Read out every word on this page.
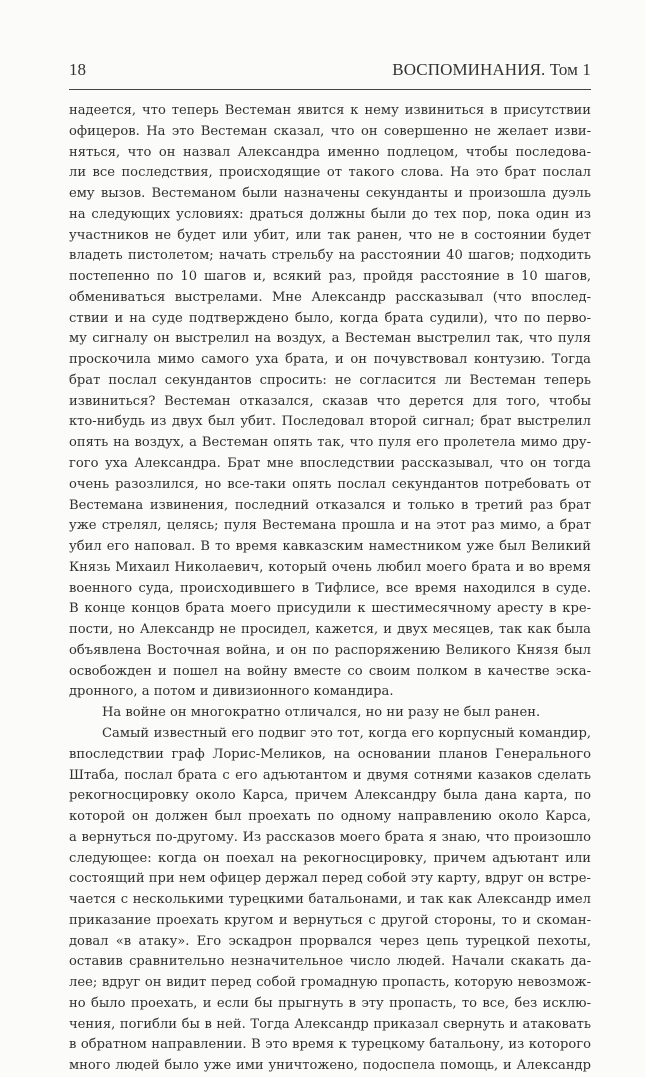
18	ВОСПОМИНАНИЯ. Том 1
надеется, что теперь Вестеман явится к нему извиниться в присутствии
офицеров. На это Вестеман сказал, что он совершенно не желает изви-
няться, что он назвал Александра именно подлецом, чтобы последова-
ли все последствия, происходящие от такого слова. На это брат послал
ему вызов. Вестеманом были назначены секунданты и произошла дуэль
на следующих условиях: драться должны были до тех пор, пока один из
участников не будет или убит, или так ранен, что не в состоянии будет
владеть пистолетом; начать стрельбу на расстоянии 40 шагов; подходить
постепенно по 10 шагов и, всякий раз, пройдя расстояние в 10 шагов,
обмениваться выстрелами. Мне Александр рассказывал (что впослед-
ствии и на суде подтверждено было, когда брата судили), что по перво-
му сигналу он выстрелил на воздух, а Вестеман выстрелил так, что пуля
проскочила мимо самого уха брата, и он почувствовал контузию. Тогда
брат послал секундантов спросить: не согласится ли Вестеман теперь
извиниться? Вестеман отказался, сказав что дерется для того, чтобы
кто-нибудь из двух был убит. Последовал второй сигнал; брат выстрелил
опять на воздух, а Вестеман опять так, что пуля его пролетела мимо дру-
гого уха Александра. Брат мне впоследствии рассказывал, что он тогда
очень разозлился, но все-таки опять послал секундантов потребовать от
Вестемана извинения, последний отказался и только в третий раз брат
уже стрелял, целясь; пуля Вестемана прошла и на этот раз мимо, а брат
убил его наповал. В то время кавказским наместником уже был Великий
Князь Михаил Николаевич, который очень любил моего брата и во время
военного суда, происходившего в Тифлисе, все время находился в суде.
В конце концов брата моего присудили к шестимесячному аресту в кре-
пости, но Александр не просидел, кажется, и двух месяцев, так как была
объявлена Восточная война, и он по распоряжению Великого Князя был
освобожден и пошел на войну вместе со своим полком в качестве эска-
дронного, а потом и дивизионного командира.
На войне он многократно отличался, но ни разу не был ранен.
Самый известный его подвиг это тот, когда его корпусный командир,
впоследствии граф Лорис-Меликов, на основании планов Генерального
Штаба, послал брата с его адъютантом и двумя сотнями казаков сделать
рекогносцировку около Карса, причем Александру была дана карта, по
которой он должен был проехать по одному направлению около Карса,
а вернуться по-другому. Из рассказов моего брата я знаю, что произошло
следующее: когда он поехал на рекогносцировку, причем адъютант или
состоящий при нем офицер держал перед собой эту карту, вдруг он встре-
чается с несколькими турецкими батальонами, и так как Александр имел
приказание проехать кругом и вернуться с другой стороны, то и скоман-
довал «в атаку». Его эскадрон прорвался через цепь турецкой пехоты,
оставив сравнительно незначительное число людей. Начали скакать да-
лее; вдруг он видит перед собой громадную пропасть, которую невозмож-
но было проехать, и если бы прыгнуть в эту пропасть, то все, без исклю-
чения, погибли бы в ней. Тогда Александр приказал свернуть и атаковать
в обратном направлении. В это время к турецкому батальону, из которого
много людей было уже ими уничтожено, подоспела помощь, и Александр
